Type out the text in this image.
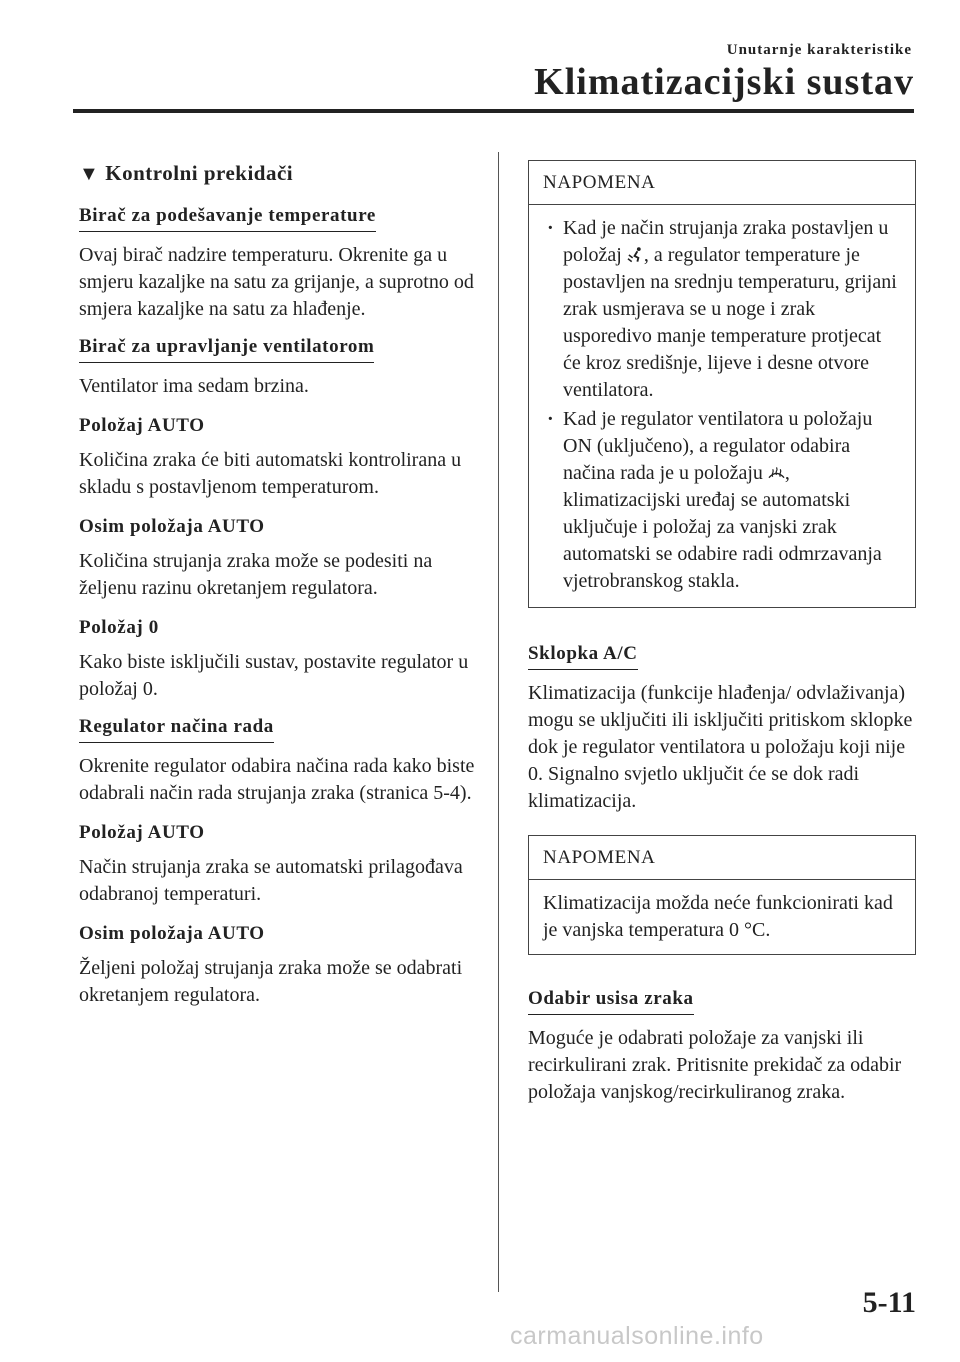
Unutarnje karakteristike
Klimatizacijski sustav
▼ Kontrolni prekidači
Birač za podešavanje temperature

Ovaj birač nadzire temperaturu. Okrenite ga u smjeru kazaljke na satu za grijanje, a suprotno od smjera kazaljke na satu za hlađenje.

Birač za upravljanje ventilatorom

Ventilator ima sedam brzina.

Položaj AUTO

Količina zraka će biti automatski kontrolirana u skladu s postavljenom temperaturom.

Osim položaja AUTO

Količina strujanja zraka može se podesiti na željenu razinu okretanjem regulatora.

Položaj 0

Kako biste isključili sustav, postavite regulator u položaj 0.

Regulator načina rada

Okrenite regulator odabira načina rada kako biste odabrali način rada strujanja zraka (stranica 5-4).

Položaj AUTO

Način strujanja zraka se automatski prilagođava odabranoj temperaturi.

Osim položaja AUTO

Željeni položaj strujanja zraka može se odabrati okretanjem regulatora.

NAPOMENA
· Kad je način strujanja zraka postavljen u položaj , a regulator temperature je postavljen na srednju temperaturu, grijani zrak usmjerava se u noge i zrak usporedivo manje temperature protjecat će kroz središnje, lijeve i desne otvore ventilatora.
· Kad je regulator ventilatora u položaju ON (uključeno), a regulator odabira načina rada je u položaju , klimatizacijski uređaj se automatski uključuje i položaj za vanjski zrak automatski se odabire radi odmrzavanja vjetrobranskog stakla.
Sklopka A/C

Klimatizacija (funkcije hlađenja/ odvlaživanja) mogu se uključiti ili isključiti pritiskom sklopke dok je regulator ventilatora u položaju koji nije 0. Signalno svjetlo uključit će se dok radi klimatizacija.

NAPOMENA
Klimatizacija možda neće funkcionirati kad je vanjska temperatura 0 °C.
Odabir usisa zraka

Moguće je odabrati položaje za vanjski ili recirkulirani zrak. Pritisnite prekidač za odabir položaja vanjskog/recirkuliranog zraka.

5-11
carmanualsonline.info
